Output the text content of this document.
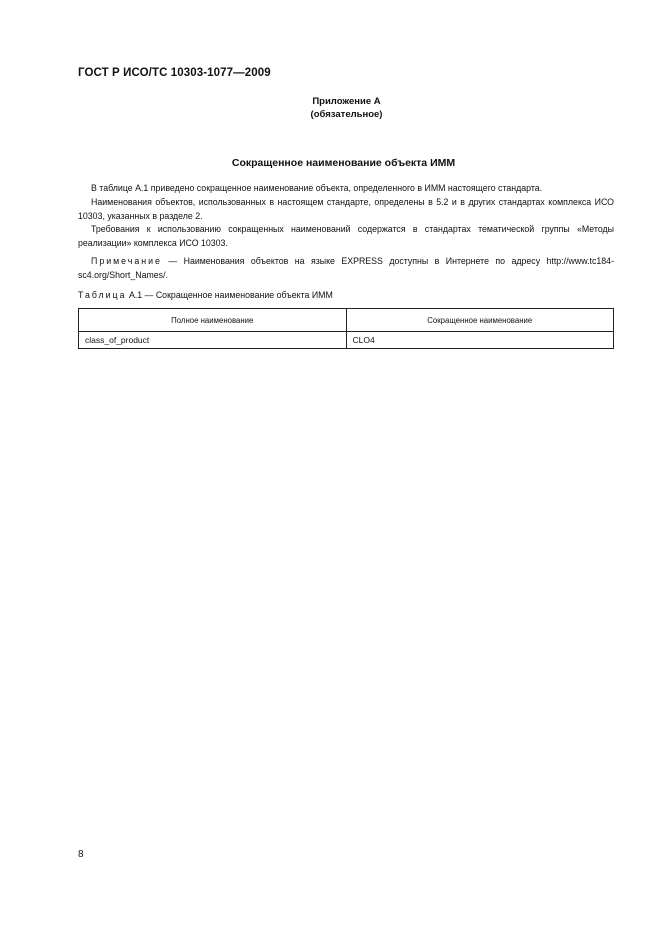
ГОСТ Р ИСО/ТС 10303-1077—2009
Приложение А
(обязательное)
Сокращенное наименование объекта ИММ
В таблице А.1 приведено сокращенное наименование объекта, определенного в ИММ настоящего стандарта.
Наименования объектов, использованных в настоящем стандарте, определены в 5.2 и в других стандартах комплекса ИСО 10303, указанных в разделе 2.
Требования к использованию сокращенных наименований содержатся в стандартах тематической группы «Методы реализации» комплекса ИСО 10303.
Примечание — Наименования объектов на языке EXPRESS доступны в Интернете по адресу http://www.tc184-sc4.org/Short_Names/.
Таблица А.1 — Сокращенное наименование объекта ИММ
Полное наименование	Сокращенное наименование
class_of_product	CLO4
8
